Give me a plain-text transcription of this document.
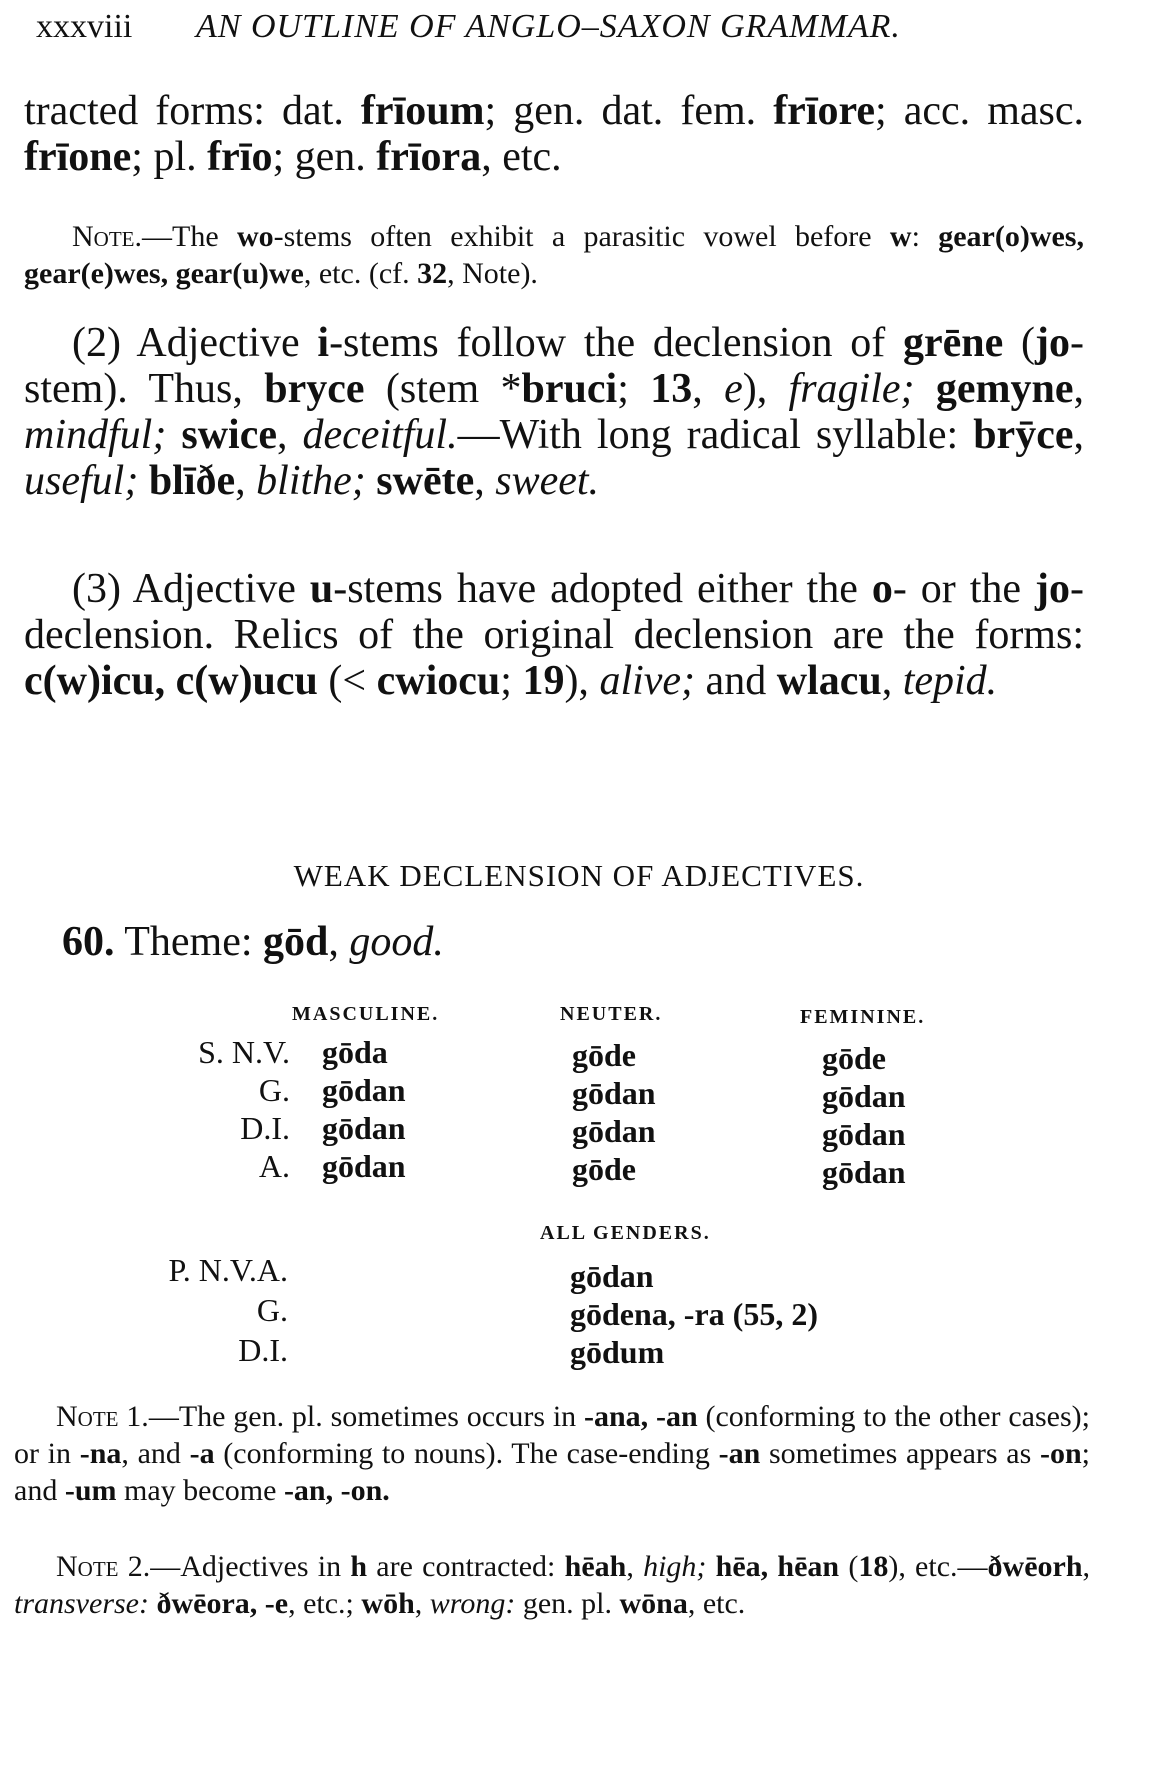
xxxviii AN OUTLINE OF ANGLO–SAXON GRAMMAR.

tracted forms: dat. frīoum; gen. dat. fem. frīore; acc. masc. frīone; pl. frīo; gen. frīora, etc.

Note.—The wo-stems often exhibit a parasitic vowel before w: gear(o)wes, gear(e)wes, gear(u)we, etc. (cf. 32, Note).

(2) Adjective i-stems follow the declension of grēne (jo-stem). Thus, bryce (stem *bruci; 13, e), fragile; gemyne, mindful; swice, deceitful.—With long radical syllable: brȳce, useful; blīðe, blithe; swēte, sweet.

(3) Adjective u-stems have adopted either the o- or the jo-declension. Relics of the original declension are the forms: c(w)icu, c(w)ucu (< cwiocu; 19), alive; and wlacu, tepid.

WEAK DECLENSION OF ADJECTIVES.

60. Theme: gōd, good.

MASCULINE.	NEUTER.	FEMININE.
S. N.V. gōda	gōde	gōde
G. gōdan	gōdan	gōdan
D.I. gōdan	gōdan	gōdan
A. gōdan	gōde	gōdan
ALL GENDERS.
P. N.V.A.	gōdan
G.	gōdena, -ra (55, 2)
D.I.	gōdum

Note 1.—The gen. pl. sometimes occurs in -ana, -an (conforming to the other cases); or in -na, and -a (conforming to nouns). The case-ending -an sometimes appears as -on; and -um may become -an, -on.

Note 2.—Adjectives in h are contracted: hēah, high; hēa, hēan (18), etc.—ðwēorh, transverse: ðwēora, -e, etc.; wōh, wrong: gen. pl. wōna, etc.
